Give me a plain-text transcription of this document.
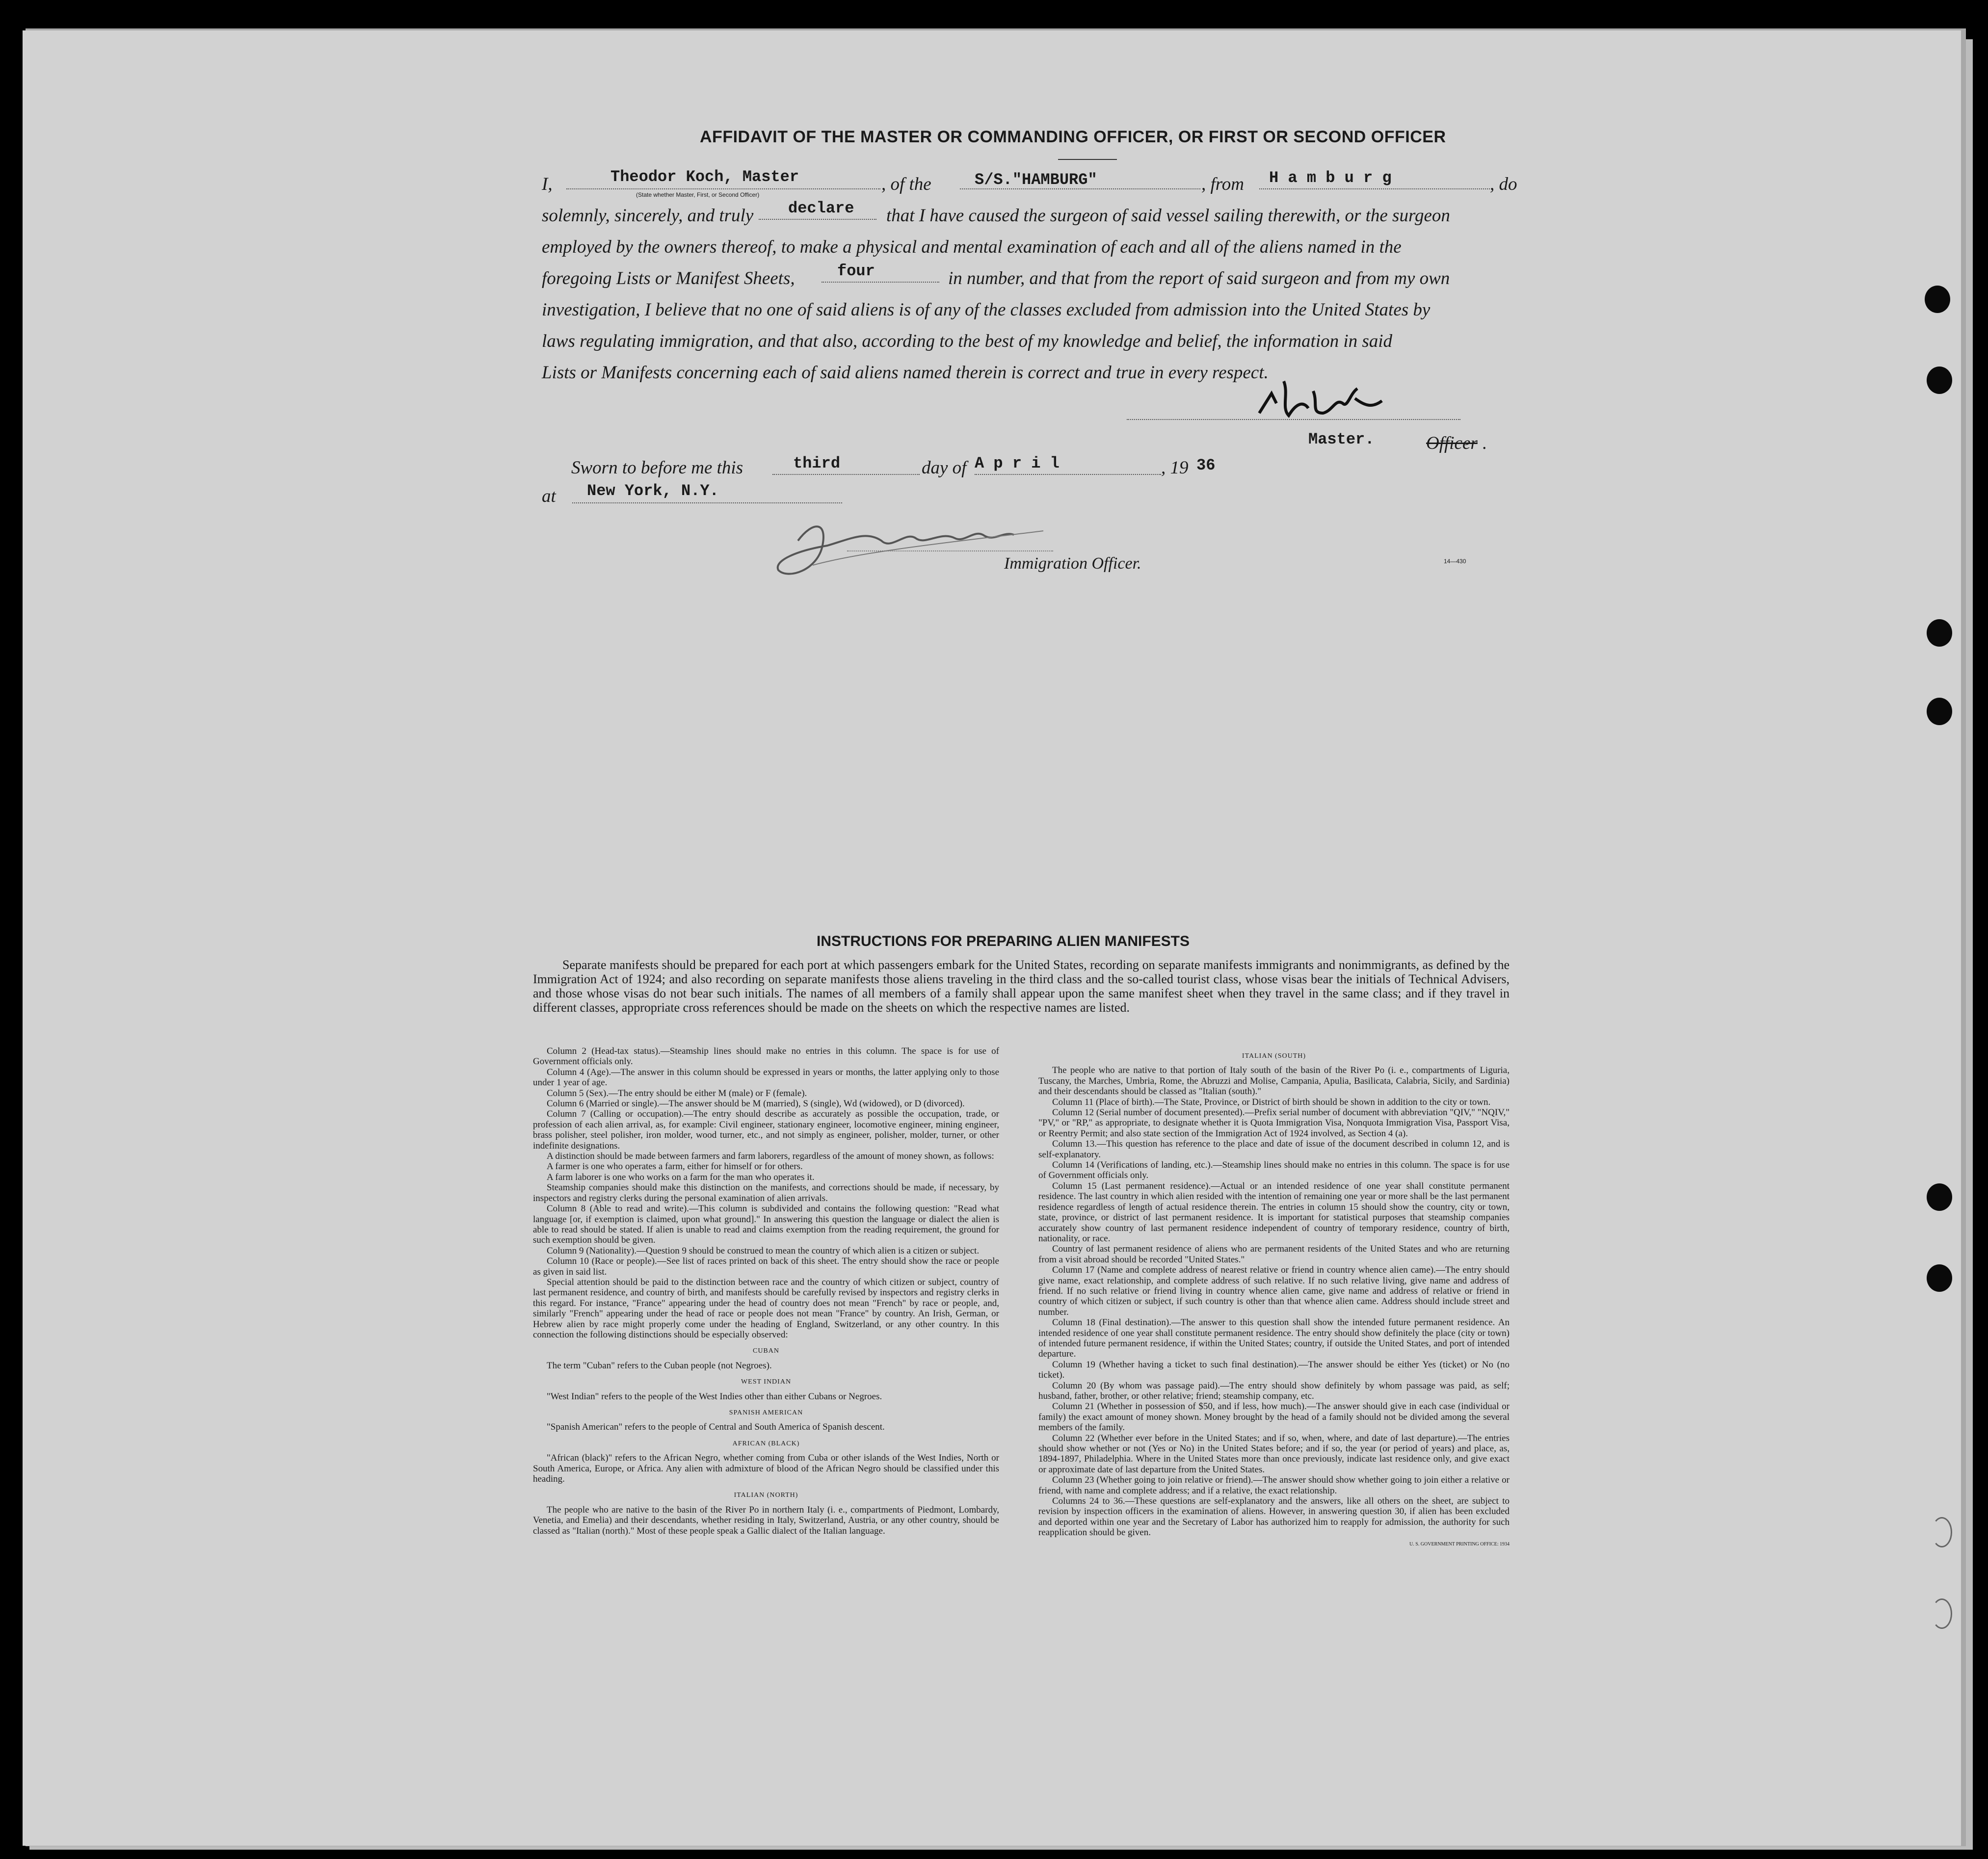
AFFIDAVIT OF THE MASTER OR COMMANDING OFFICER, OR FIRST OR SECOND OFFICER
I,	Theodor Koch, Master
(State whether Master, First, or Second Officer)
, of the	S/S."HAMBURG"	, from H a m b u r g	, do
solemnly, sincerely, and truly declare that I have caused the surgeon of said vessel sailing therewith, or the surgeon
employed by the owners thereof, to make a physical and mental examination of each and all of the aliens named in the
foregoing Lists or Manifest Sheets,	four	in number, and that from the report of said surgeon and from my own
investigation, I believe that no one of said aliens is of any of the classes excluded from admission into the United States by
laws regulating immigration, and that also, according to the best of my knowledge and belief, the information in said
Lists or Manifests concerning each of said aliens named therein is correct and true in every respect.
Master.	Officer .
Sworn to before me this	third	day of A p r i l	, 19 36
at New York, N.Y.
Immigration Officer.	14—430
INSTRUCTIONS FOR PREPARING ALIEN MANIFESTS
Separate manifests should be prepared for each port at which passengers embark for the United States, recording on separate manifests immigrants and nonimmigrants, as defined by the Immigration Act of 1924; and also recording on separate manifests those aliens traveling in the third class and the so-called tourist class, whose visas bear the initials of Technical Advisers, and those whose visas do not bear such initials. The names of all members of a family shall appear upon the same manifest sheet when they travel in the same class; and if they travel in different classes, appropriate cross references should be made on the sheets on which the respective names are listed.

Column 2 (Head-tax status).—Steamship lines should make no entries in this column. The space is for use of Government officials only.

Column 4 (Age).—The answer in this column should be expressed in years or months, the latter applying only to those under 1 year of age.

Column 5 (Sex).—The entry should be either M (male) or F (female).

Column 6 (Married or single).—The answer should be M (married), S (single), Wd (widowed), or D (divorced).

Column 7 (Calling or occupation).—The entry should describe as accurately as possible the occupation, trade, or profession of each alien arrival, as, for example: Civil engineer, stationary engineer, locomotive engineer, mining engineer, brass polisher, steel polisher, iron molder, wood turner, etc., and not simply as engineer, polisher, molder, turner, or other indefinite designations.

A distinction should be made between farmers and farm laborers, regardless of the amount of money shown, as follows:

A farmer is one who operates a farm, either for himself or for others.

A farm laborer is one who works on a farm for the man who operates it.

Steamship companies should make this distinction on the manifests, and corrections should be made, if necessary, by inspectors and registry clerks during the personal examination of alien arrivals.

Column 8 (Able to read and write).—This column is subdivided and contains the following question: "Read what language [or, if exemption is claimed, upon what ground]." In answering this question the language or dialect the alien is able to read should be stated. If alien is unable to read and claims exemption from the reading requirement, the ground for such exemption should be given.

Column 9 (Nationality).—Question 9 should be construed to mean the country of which alien is a citizen or subject.

Column 10 (Race or people).—See list of races printed on back of this sheet. The entry should show the race or people as given in said list.

Special attention should be paid to the distinction between race and the country of which citizen or subject, country of last permanent residence, and country of birth, and manifests should be carefully revised by inspectors and registry clerks in this regard. For instance, "France" appearing under the head of country does not mean "French" by race or people, and, similarly "French" appearing under the head of race or people does not mean "France" by country. An Irish, German, or Hebrew alien by race might properly come under the heading of England, Switzerland, or any other country. In this connection the following distinctions should be especially observed:

CUBAN

The term "Cuban" refers to the Cuban people (not Negroes).

WEST INDIAN

"West Indian" refers to the people of the West Indies other than either Cubans or Negroes.

SPANISH AMERICAN

"Spanish American" refers to the people of Central and South America of Spanish descent.

AFRICAN (BLACK)

"African (black)" refers to the African Negro, whether coming from Cuba or other islands of the West Indies, North or South America, Europe, or Africa. Any alien with admixture of blood of the African Negro should be classified under this heading.

ITALIAN (NORTH)

The people who are native to the basin of the River Po in northern Italy (i. e., compartments of Piedmont, Lombardy, Venetia, and Emelia) and their descendants, whether residing in Italy, Switzerland, Austria, or any other country, should be classed as "Italian (north)." Most of these people speak a Gallic dialect of the Italian language.

ITALIAN (SOUTH)

The people who are native to that portion of Italy south of the basin of the River Po (i. e., compartments of Liguria, Tuscany, the Marches, Umbria, Rome, the Abruzzi and Molise, Campania, Apulia, Basilicata, Calabria, Sicily, and Sardinia) and their descendants should be classed as "Italian (south)."

Column 11 (Place of birth).—The State, Province, or District of birth should be shown in addition to the city or town.

Column 12 (Serial number of document presented).—Prefix serial number of document with abbreviation "QIV," "NQIV," "PV," or "RP," as appropriate, to designate whether it is Quota Immigration Visa, Nonquota Immigration Visa, Passport Visa, or Reentry Permit; and also state section of the Immigration Act of 1924 involved, as Section 4 (a).

Column 13.—This question has reference to the place and date of issue of the document described in column 12, and is self-explanatory.

Column 14 (Verifications of landing, etc.).—Steamship lines should make no entries in this column. The space is for use of Government officials only.

Column 15 (Last permanent residence).—Actual or an intended residence of one year shall constitute permanent residence. The last country in which alien resided with the intention of remaining one year or more shall be the last permanent residence regardless of length of actual residence therein. The entries in column 15 should show the country, city or town, state, province, or district of last permanent residence. It is important for statistical purposes that steamship companies accurately show country of last permanent residence independent of country of temporary residence, country of birth, nationality, or race.

Country of last permanent residence of aliens who are permanent residents of the United States and who are returning from a visit abroad should be recorded "United States."

Column 17 (Name and complete address of nearest relative or friend in country whence alien came).—The entry should give name, exact relationship, and complete address of such relative. If no such relative living, give name and address of friend. If no such relative or friend living in country whence alien came, give name and address of relative or friend in country of which citizen or subject, if such country is other than that whence alien came. Address should include street and number.

Column 18 (Final destination).—The answer to this question shall show the intended future permanent residence. An intended residence of one year shall constitute permanent residence. The entry should show definitely the place (city or town) of intended future permanent residence, if within the United States; country, if outside the United States, and port of intended departure.

Column 19 (Whether having a ticket to such final destination).—The answer should be either Yes (ticket) or No (no ticket).

Column 20 (By whom was passage paid).—The entry should show definitely by whom passage was paid, as self; husband, father, brother, or other relative; friend; steamship company, etc.

Column 21 (Whether in possession of $50, and if less, how much).—The answer should give in each case (individual or family) the exact amount of money shown. Money brought by the head of a family should not be divided among the several members of the family.

Column 22 (Whether ever before in the United States; and if so, when, where, and date of last departure).—The entries should show whether or not (Yes or No) in the United States before; and if so, the year (or period of years) and place, as, 1894-1897, Philadelphia. Where in the United States more than once previously, indicate last residence only, and give exact or approximate date of last departure from the United States.

Column 23 (Whether going to join relative or friend).—The answer should show whether going to join either a relative or friend, with name and complete address; and if a relative, the exact relationship.

Columns 24 to 36.—These questions are self-explanatory and the answers, like all others on the sheet, are subject to revision by inspection officers in the examination of aliens. However, in answering question 30, if alien has been excluded and deported within one year and the Secretary of Labor has authorized him to reapply for admission, the authority for such reapplication should be given.

U. S. GOVERNMENT PRINTING OFFICE: 1934
